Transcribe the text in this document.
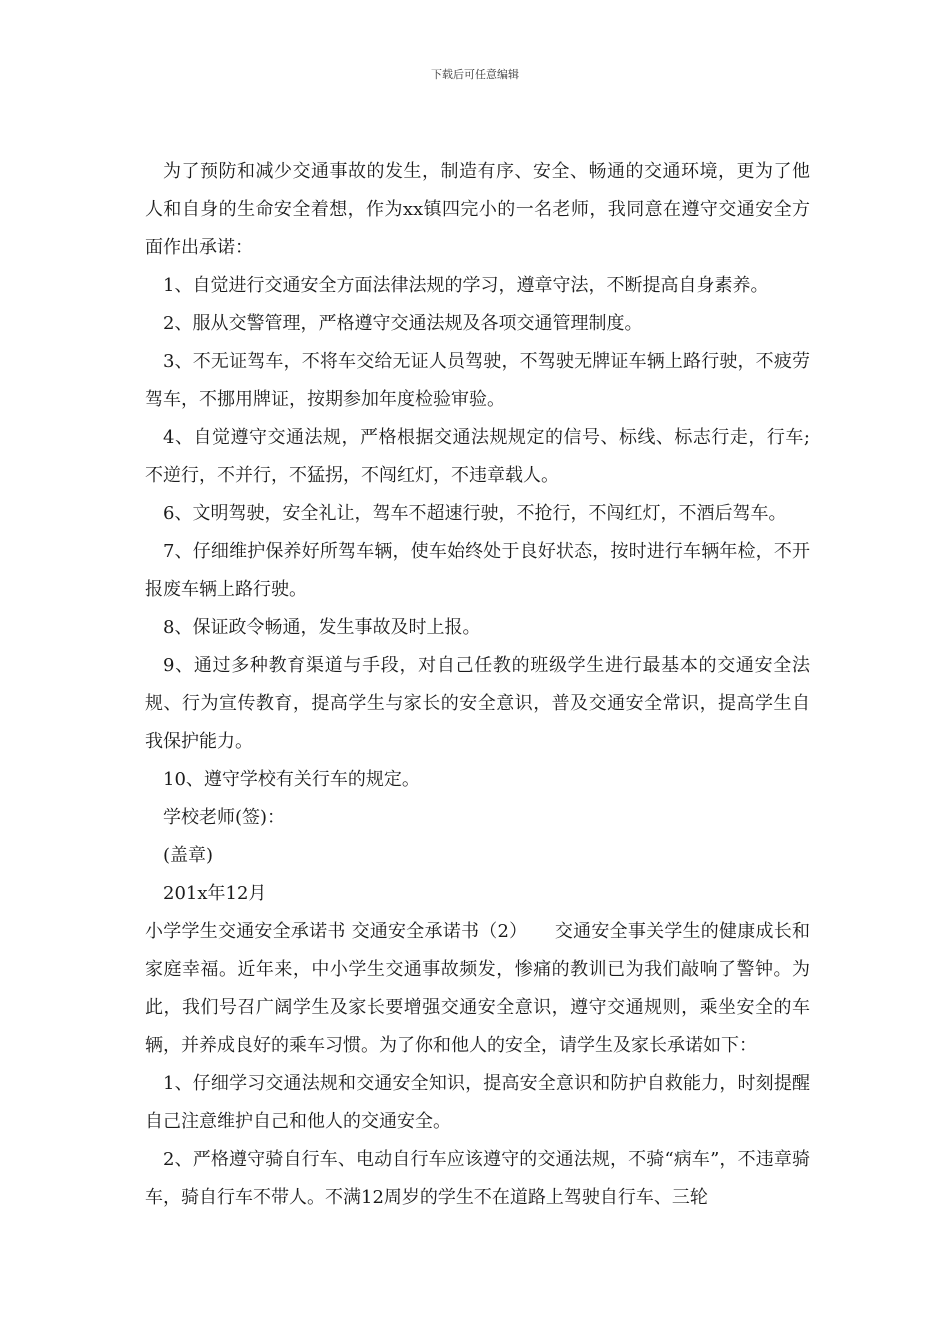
下载后可任意编辑

为了预防和减少交通事故的发生，制造有序、安全、畅通的交通环境，更为了他人和自身的生命安全着想，作为xx镇四完小的一名老师，我同意在遵守交通安全方面作出承诺：

1、自觉进行交通安全方面法律法规的学习，遵章守法，不断提高自身素养。

2、服从交警管理，严格遵守交通法规及各项交通管理制度。

3、不无证驾车，不将车交给无证人员驾驶，不驾驶无牌证车辆上路行驶，不疲劳驾车，不挪用牌证，按期参加年度检验审验。

4、自觉遵守交通法规，严格根据交通法规规定的信号、标线、标志行走，行车;不逆行，不并行，不猛拐，不闯红灯，不违章载人。

6、文明驾驶，安全礼让，驾车不超速行驶，不抢行，不闯红灯，不酒后驾车。

7、仔细维护保养好所驾车辆，使车始终处于良好状态，按时进行车辆年检，不开报废车辆上路行驶。

8、保证政令畅通，发生事故及时上报。

9、通过多种教育渠道与手段，对自己任教的班级学生进行最基本的交通安全法规、行为宣传教育，提高学生与家长的安全意识，普及交通安全常识，提高学生自我保护能力。

10、遵守学校有关行车的规定。

学校老师(签)：

(盖章)

201x年12月

小学学生交通安全承诺书 交通安全承诺书（2）　　交通安全事关学生的健康成长和家庭幸福。近年来，中小学生交通事故频发，惨痛的教训已为我们敲响了警钟。为此，我们号召广阔学生及家长要增强交通安全意识，遵守交通规则，乘坐安全的车辆，并养成良好的乘车习惯。为了你和他人的安全，请学生及家长承诺如下：

1、仔细学习交通法规和交通安全知识，提高安全意识和防护自救能力，时刻提醒自己注意维护自己和他人的交通安全。

2、严格遵守骑自行车、电动自行车应该遵守的交通法规，不骑“病车”，不违章骑车，骑自行车不带人。不满12周岁的学生不在道路上驾驶自行车、三轮
